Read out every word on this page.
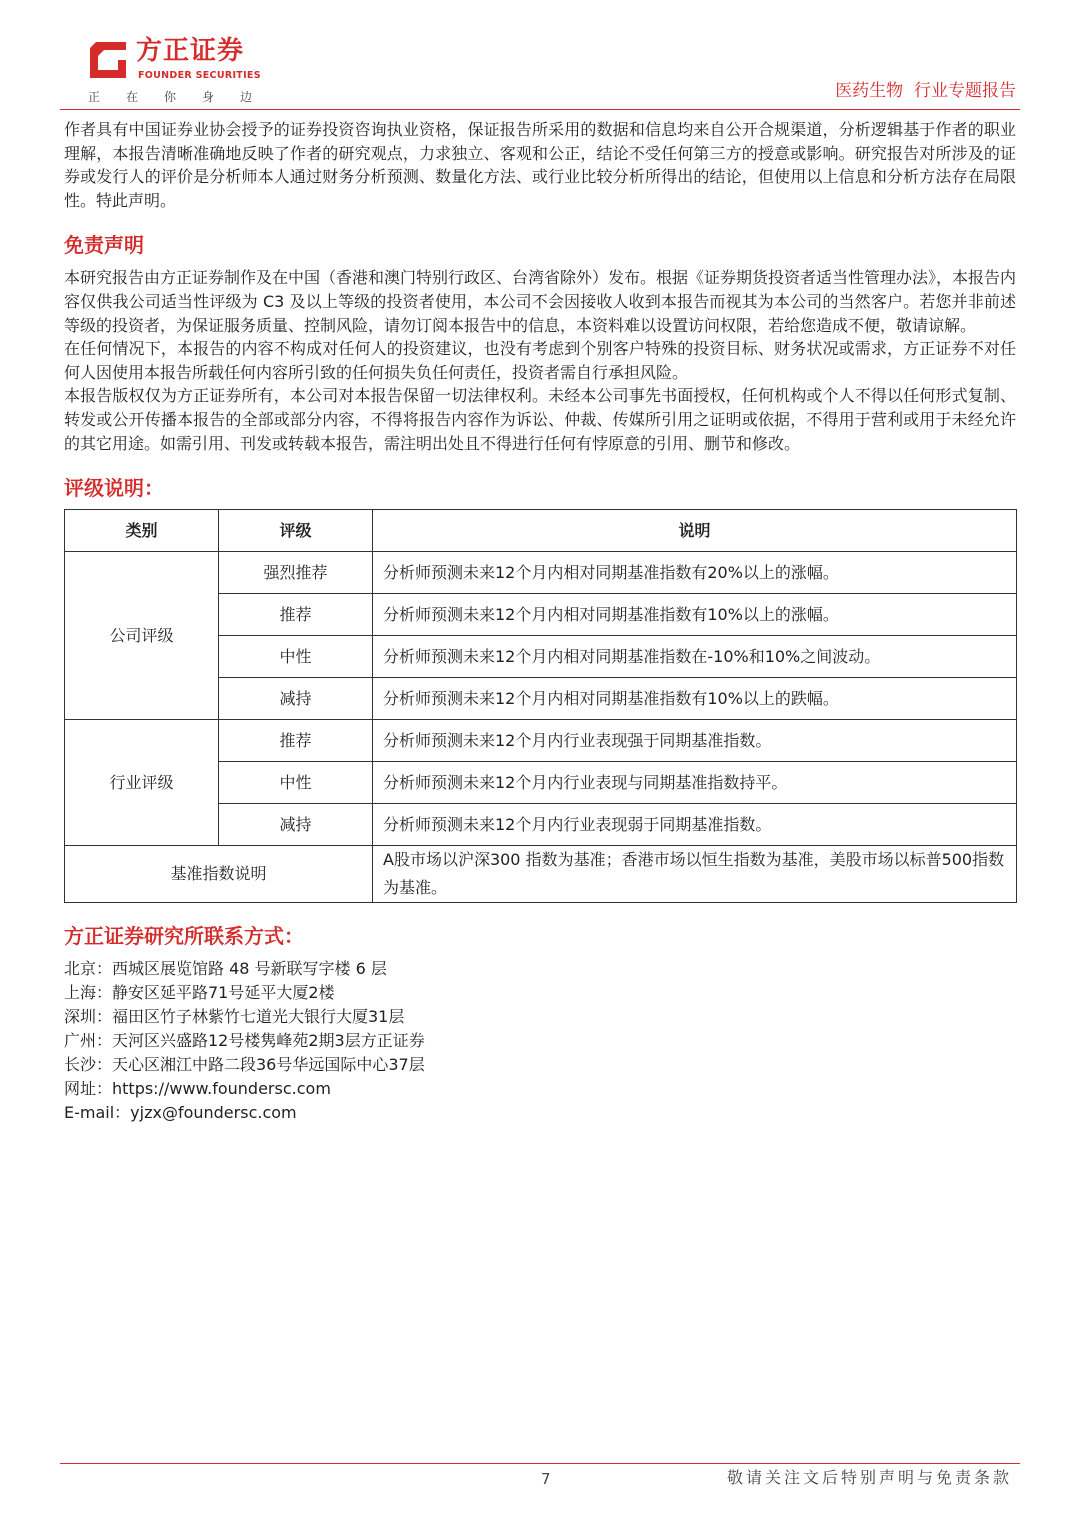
方正证券
FOUNDER SECURITIES
正在你身边	医药生物  行业专题报告

作者具有中国证券业协会授予的证券投资咨询执业资格，保证报告所采用的数据和信息均来自公开合规渠道，分析逻辑基于作者的职业理解，本报告清晰准确地反映了作者的研究观点，力求独立、客观和公正，结论不受任何第三方的授意或影响。研究报告对所涉及的证券或发行人的评价是分析师本人通过财务分析预测、数量化方法、或行业比较分析所得出的结论，但使用以上信息和分析方法存在局限性。特此声明。

免责声明

本研究报告由方正证券制作及在中国（香港和澳门特别行政区、台湾省除外）发布。根据《证券期货投资者适当性管理办法》，本报告内容仅供我公司适当性评级为 C3 及以上等级的投资者使用，本公司不会因接收人收到本报告而视其为本公司的当然客户。若您并非前述等级的投资者，为保证服务质量、控制风险，请勿订阅本报告中的信息，本资料难以设置访问权限，若给您造成不便，敬请谅解。

在任何情况下，本报告的内容不构成对任何人的投资建议，也没有考虑到个别客户特殊的投资目标、财务状况或需求，方正证券不对任何人因使用本报告所载任何内容所引致的任何损失负任何责任，投资者需自行承担风险。

本报告版权仅为方正证券所有，本公司对本报告保留一切法律权利。未经本公司事先书面授权，任何机构或个人不得以任何形式复制、转发或公开传播本报告的全部或部分内容，不得将报告内容作为诉讼、仲裁、传媒所引用之证明或依据，不得用于营利或用于未经允许的其它用途。如需引用、刊发或转载本报告，需注明出处且不得进行任何有悖原意的引用、删节和修改。

评级说明：
类别	评级	说明
公司评级	强烈推荐	分析师预测未来12个月内相对同期基准指数有20%以上的涨幅。
	推荐	分析师预测未来12个月内相对同期基准指数有10%以上的涨幅。
	中性	分析师预测未来12个月内相对同期基准指数在-10%和10%之间波动。
	减持	分析师预测未来12个月内相对同期基准指数有10%以上的跌幅。
行业评级	推荐	分析师预测未来12个月内行业表现强于同期基准指数。
	中性	分析师预测未来12个月内行业表现与同期基准指数持平。
	减持	分析师预测未来12个月内行业表现弱于同期基准指数。
基准指数说明		A股市场以沪深300 指数为基准；香港市场以恒生指数为基准，美股市场以标普500指数为基准。
方正证券研究所联系方式：
北京：西城区展览馆路 48 号新联写字楼 6 层
上海：静安区延平路71号延平大厦2楼
深圳：福田区竹子林紫竹七道光大银行大厦31层
广州：天河区兴盛路12号楼隽峰苑2期3层方正证券
长沙：天心区湘江中路二段36号华远国际中心37层
网址：https://www.foundersc.com
E-mail：yjzx@foundersc.com
7	敬请关注文后特别声明与免责条款
